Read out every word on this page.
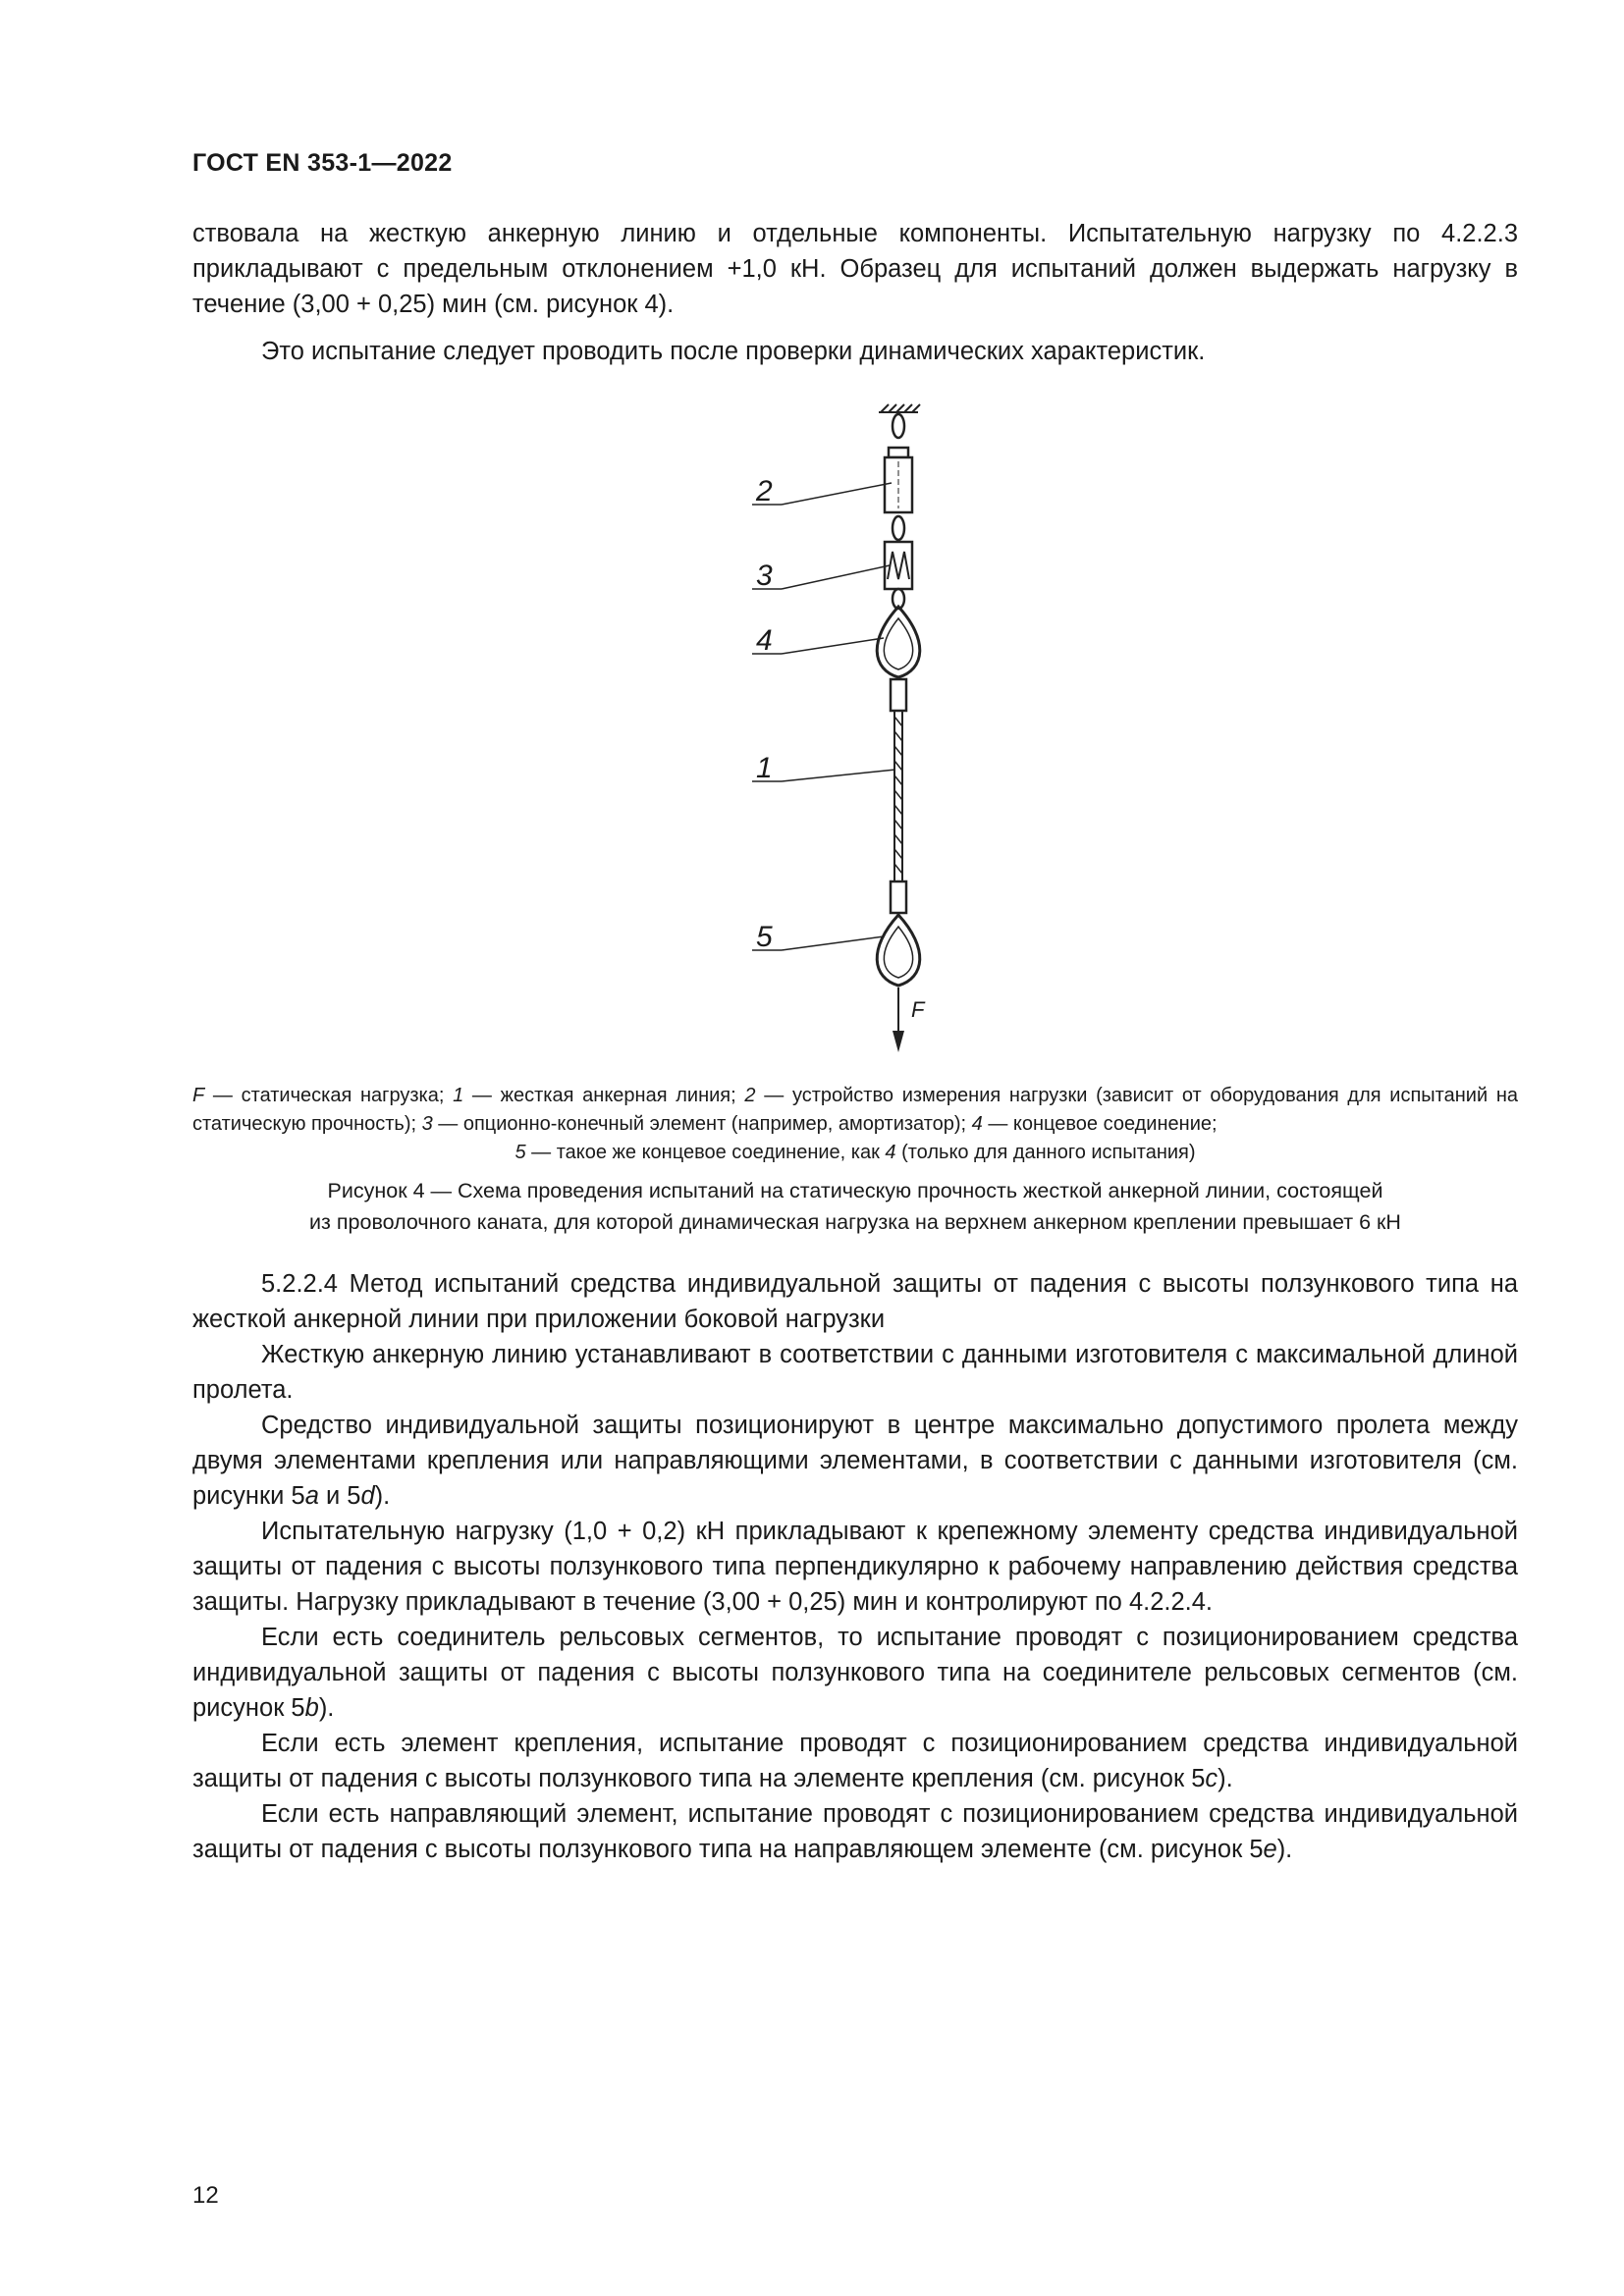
ГОСТ EN 353-1—2022
ствовала на жесткую анкерную линию и отдельные компоненты. Испытательную нагрузку по 4.2.2.3 прикладывают с предельным отклонением +1,0 кН. Образец для испытаний должен выдержать нагрузку в течение (3,00 + 0,25) мин (см. рисунок 4).
Это испытание следует проводить после проверки динамических характеристик.
2
3
4
1
5
F
F — статическая нагрузка; 1 — жесткая анкерная линия; 2 — устройство измерения нагрузки (зависит от оборудования для испытаний на статическую прочность); 3 — опционно-конечный элемент (например, амортизатор); 4 — концевое соединение;
5 — такое же концевое соединение, как 4 (только для данного испытания)
Рисунок 4 — Схема проведения испытаний на статическую прочность жесткой анкерной линии, состоящей
из проволочного каната, для которой динамическая нагрузка на верхнем анкерном креплении превышает 6 кН
5.2.2.4 Метод испытаний средства индивидуальной защиты от падения с высоты ползункового типа на жесткой анкерной линии при приложении боковой нагрузки
Жесткую анкерную линию устанавливают в соответствии с данными изготовителя с максимальной длиной пролета.
Средство индивидуальной защиты позиционируют в центре максимально допустимого пролета между двумя элементами крепления или направляющими элементами, в соответствии с данными изготовителя (см. рисунки 5a и 5d).
Испытательную нагрузку (1,0 + 0,2) кН прикладывают к крепежному элементу средства индивидуальной защиты от падения с высоты ползункового типа перпендикулярно к рабочему направлению действия средства защиты. Нагрузку прикладывают в течение (3,00 + 0,25) мин и контролируют по 4.2.2.4.
Если есть соединитель рельсовых сегментов, то испытание проводят с позиционированием средства индивидуальной защиты от падения с высоты ползункового типа на соединителе рельсовых сегментов (см. рисунок 5b).
Если есть элемент крепления, испытание проводят с позиционированием средства индивидуальной защиты от падения с высоты ползункового типа на элементе крепления (см. рисунок 5c).
Если есть направляющий элемент, испытание проводят с позиционированием средства индивидуальной защиты от падения с высоты ползункового типа на направляющем элементе (см. рисунок 5e).
12
